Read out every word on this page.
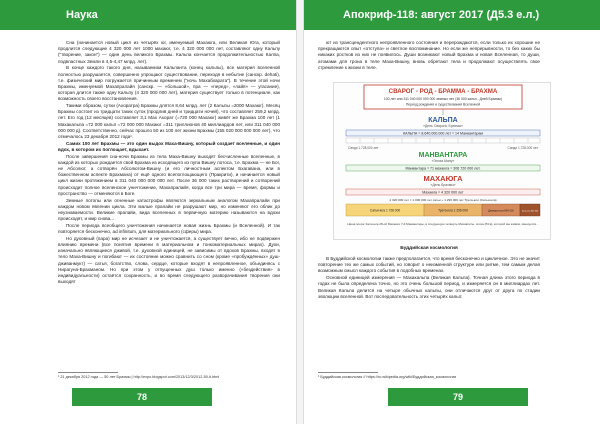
Наука	Апокриф-118: август 2017 (Д5.3 е.л.)

Сна (начинается новый цикл из четырёх юг, именуемый Махаюга, или Великая Юга, который продлится следующие 4 320 000 лет 1000 махаюг, т.е. 4 320 000 000 лет, составляют одну Кальпу ("творение, закон") — один день великого Брахмы. Кальпа кончается продолжительностью Калпа, подвластных Земли в 4,5-4,47 млрд. лет).

В конце каждого такого дня, называемом Кальпанта (конец кальпы), все материя вселенной полностью разрушается, совершенно упрощают существование, переходя в небытие (санскр. dehati), т.е. физический мир погружается причинным временем ("ночь Махабхарата"). В течение этой ночи Брахмы, именуемой Махапралайя (санскр. — «большой», пра — «перед», «лайя» — угасание), которая длится также одну Кальпу (4 320 000 000 лет), материя существует только в потенциале, как возможность своего восстановления.

Такими образом, сутки (Ахоратра) Брахмы длятся 8,64 млрд. лет (2 Кальпы =2000 Махаюг). Месяц Брахмы состоит из тридцати таких суток (продлив дней и тридцати ночей), что составляет 259,2 млрд. лет. Его год (12 месяцев) составляет 3,1 Мах Ахорат (=720 000 Махаюг) живёт же Брахма 100 лет (1 Махакальпа =72 000 кальп =72 000 000 Махаюг =311 триллионов 40 миллиардов лет, или 311 040 000 000 000 д). Соответственно, сейчас прошло 50 из 100 лет жизни Брахмы (155 020 000 000 000 лет), что отмечалось 23 декабря 2012 года¹.

Самих 100 лет Брахмы — это один выдох Маха-Вишну, который создает вселенные, и один вдох, в котором их поглощает, вдыхает.

После завершения сна-ночи Брахмы из тела Маха-Вишну выходят бесчисленные вселенные, в каждой из которых рождается свой Брахма из исходящего из пупа Вишну лотоса, т.е. Брахма — не Бог, не Абсолют, а сотворён Абсолютом-Вишну (и его личностным аспектом Бхагавана, или в божественном аспекте Брахмана) от ещё одного всепоглощающего (Пракрити), и начинается новый цикл жизни протяжением в 311 040 000 000 000 лет. После 36 000 таких растворений и сотворений происходит полное вселенское уничтожение, Махапралайя, когда все три мира — время, формы и пространство — отменяются в Боге.

Земные потопы или огненные катастрофы являются зеркальным аналогом Махапралайи при каждом новом явлении цикла. Эти малые пралайи не разрушают мир, но изменяют его облик до неузнаваемости. Великие пралайи, вида вселенных в первичную материю называются на вдохи происходят, и мир снова...

После периода всеобщего уничтожения начинается новая жизнь Брахмы (и Вселенной). И так повторяется бесконечно, ad infinitum, для материального (сферы) мира.

Но духовный (пара) мир не исчезает и не уничтожается, а существует вечно, ибо не подвержен влиянию времени (все понятия времени в материальном и тонкоматериальных мирах). Духи, изначально являющиеся дживой, т.е. духовной единицей, не зависимы от вдохов Брахмы, входят в тело Маха-Вишну и погибают — их состояние можно сравнить со сном (кроме «пробуждённых» душ-дживанмукт) — сатья, богатство, слова, сердце, которые входят в непроявленное, объединясь с Нирагуна-Брахманом. Но при этом у отпущенных душ только именно («бездействия» в индивидуальности) остаётся сохранность, и во время следующего разворачивания творения они выходят

¹ 21 декабря 2012 года — 50 лет Брахмы | http://expo.blogspot.com/2013/12/3/2012-50-lt.html
78

ют из трансцендентного непроявленного состояния и перерождаются, если только их хорошие не прекращаются опыт «отступа» и светлое воспоминание. Но если же непрерывности, то без каких бы никаких ростков из них не появилось. Души возникают новый Брахма и новая Вселенная, то души, атомами для трона в теле Маха-Вишну, вновь обретают тела и продолжают осуществлять свое стремление к жизни в теле.

СВАРОГ - РОД - БРАММА - БРАХМА
100 лет или 311 040 000 000 000 земных лет (36 000 кальп - Дней Брахмы)
Период рождения и существования Вселенной
КАЛЬПА
«День Сварога, Брахмы»
КАЛЬПА = 8.640.000.000 лет = 14 Манвантарам
Санди 1.728.000 лет	Санди 1.728.000 лет
МАНВАНТАРА
«Эпоха Ману»
Манвантара = 71 махаюга = 306 720 000 лет.
МАХАЮГА
«День Брахмы»
Махаюга = 4 320 000 лет
4 320 000 лет = 1 000 000 лет сатьи + 1 296 000 лет Трета-юги (Сатья-юга)
Сатья-юга 1 728 000	Трета-юга 1 296 000	Двапара-юга 864 000	Кали-юга 432 000
Наша эпоха: Кали-юга 28-ой Махаюги 7-й Манвантары, в следующую четверть Махавлиты, эпоха (Юга), которой мы живём, именуется...
Буддийская космология

В Буддийской космологии также предполагается, что время бесконечно и цикличное. Это не значит повторение тех же самых событий, но говорит о неизменной структуре или ритме, тем самым делая возможным смысл каждого события в подобных временах.

Основной единицей измерения — Махакальпа (Великая Кальпа). Точная длина этого периода в годах не была определена точно, но это очень большой период, и измеряется он в миллиардах лет. Великая Кальпа делится на четыре обычных кальпы, они отличаются друг от друга по стадии эволюции вселенной. Вот последовательность этих четырёх кальп:

¹ Буддийская космология // https://ru.wikipedia.org/wiki/Буддийская_космология
79
